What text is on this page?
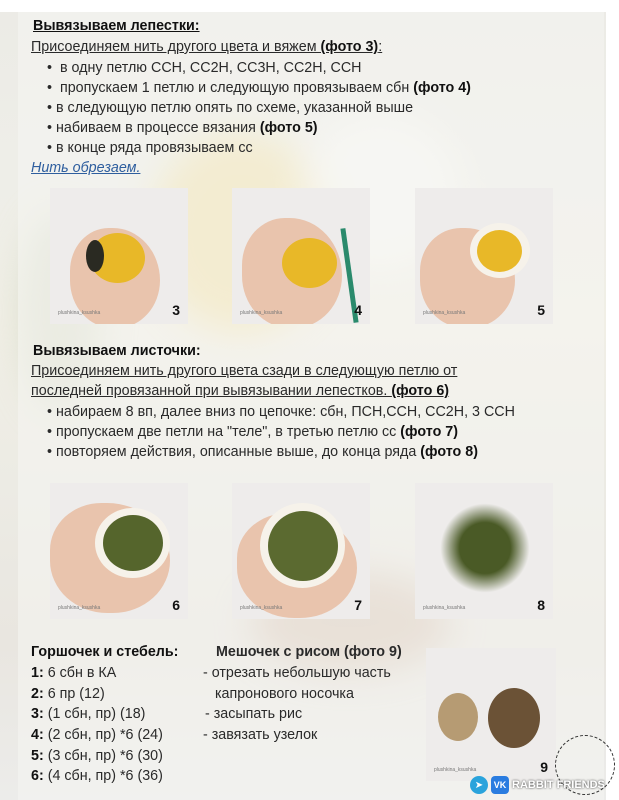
Вывязываем лепестки:
Присоединяем нить другого цвета и вяжем (фото 3):
•  в одну петлю ССН, СС2Н, СС3Н, СС2Н, ССН
•  пропускаем 1 петлю и следующую провязываем сбн (фото 4)
• в следующую петлю опять по схеме, указанной выше
• набиваем в процессе вязания (фото 5)
• в конце ряда провязываем сс
Нить обрезаем.
plushkina_ksushka	3	plushkina_ksushka	4	plushkina_ksushka	5
Вывязываем листочки:
Присоединяем нить другого цвета сзади в следующую петлю от
последней провязанной при вывязывании лепестков. (фото 6)
• набираем 8 вп, далее вниз по цепочке: сбн, ПСН,ССН, СС2Н, 3 ССН
• пропускаем две петли на "теле", в третью петлю сс (фото 7)
• повторяем действия, описанные выше, до конца ряда (фото 8)
plushkina_ksushka	6	plushkina_ksushka	7	plushkina_ksushka	8
Горшочек и стебель:
1: 6 сбн в КА
2: 6 пр (12)
3: (1 сбн, пр) (18)
4: (2 сбн, пр) *6 (24)
5: (3 сбн, пр) *6 (30)
6: (4 сбн, пр) *6 (36)
Мешочек с рисом (фото 9)
- отрезать небольшую часть
капронового носочка
- засыпать рис
- завязать узелок
plushkina_ksushka	9
➤	VK RABBIT FRIENDS
